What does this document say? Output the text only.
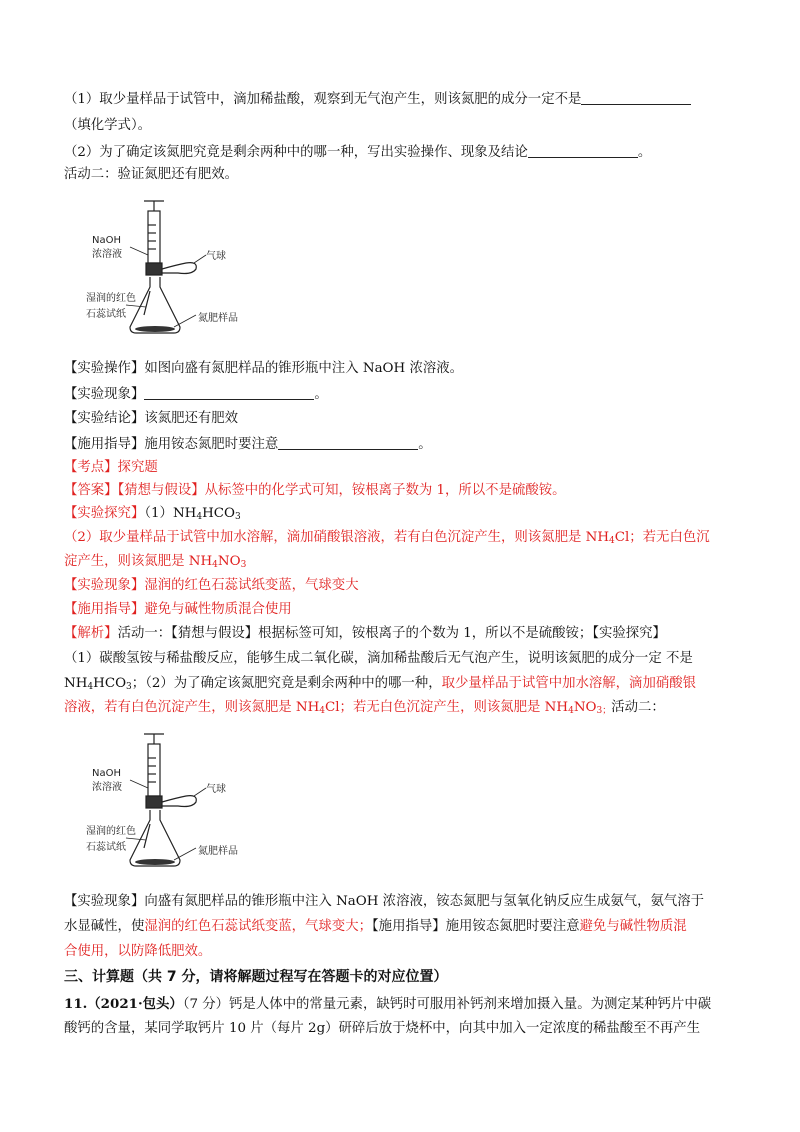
（1）取少量样品于试管中，滴加稀盐酸，观察到无气泡产生，则该氮肥的成分一定不是
（填化学式）。
（2）为了确定该氮肥究竟是剩余两种中的哪一种，写出实验操作、现象及结论	。
活动二：验证氮肥还有肥效。
NaOH
浓溶液	气球
湿润的红色
石蕊试纸	氮肥样品
【实验操作】如图向盛有氮肥样品的锥形瓶中注入 NaOH 浓溶液。
【实验现象】	。
【实验结论】该氮肥还有肥效
【施用指导】施用铵态氮肥时要注意	。
【考点】探究题
【答案】【猜想与假设】从标签中的化学式可知，铵根离子数为 1，所以不是硫酸铵。
【实验探究】$(1)NH_4HCO_3$
（2）取少量样品于试管中加水溶解，滴加硝酸银溶液，若有白色沉淀产生，则该氮肥是 $NH_4Cl$；若无白色沉
淀产生，则该氮肥是 $NH_4NO_3$
【实验现象】湿润的红色石蕊试纸变蓝，气球变大
【施用指导】避免与碱性物质混合使用
【解析】活动一：【猜想与假设】根据标签可知，铵根离子的个数为 1，所以不是硫酸铵；【实验探究】
（1）碳酸氢铵与稀盐酸反应，能够生成二氧化碳，滴加稀盐酸后无气泡产生，说明该氮肥的成分一定 不是
$NH_4HCO_3$；（2）为了确定该氮肥究竟是剩余两种中的哪一种，取少量样品于试管中加水溶解，滴加硝酸银
溶液，若有白色沉淀产生，则该氮肥是 $NH_4Cl$；若无白色沉淀产生，则该氮肥是 $NH_4NO_{3;}$活动二：
NaOH
浓溶液	气球
湿润的红色
石蕊试纸	氮肥样品
【实验现象】向盛有氮肥样品的锥形瓶中注入 NaOH 浓溶液，铵态氮肥与氢氧化钠反应生成氨气，氨气溶于
水显碱性，使湿润的红色石蕊试纸变蓝，气球变大；【施用指导】施用铵态氮肥时要注意避免与碱性物质混
合使用，以防降低肥效。
三、计算题（共 7 分，请将解题过程写在答题卡的对应位置）
11.（2021·包头）（7 分）钙是人体中的常量元素，缺钙时可服用补钙剂来增加摄入量。为测定某种钙片中碳
酸钙的含量，某同学取钙片 10 片（每片 2g）研碎后放于烧杯中，向其中加入一定浓度的稀盐酸至不再产生
